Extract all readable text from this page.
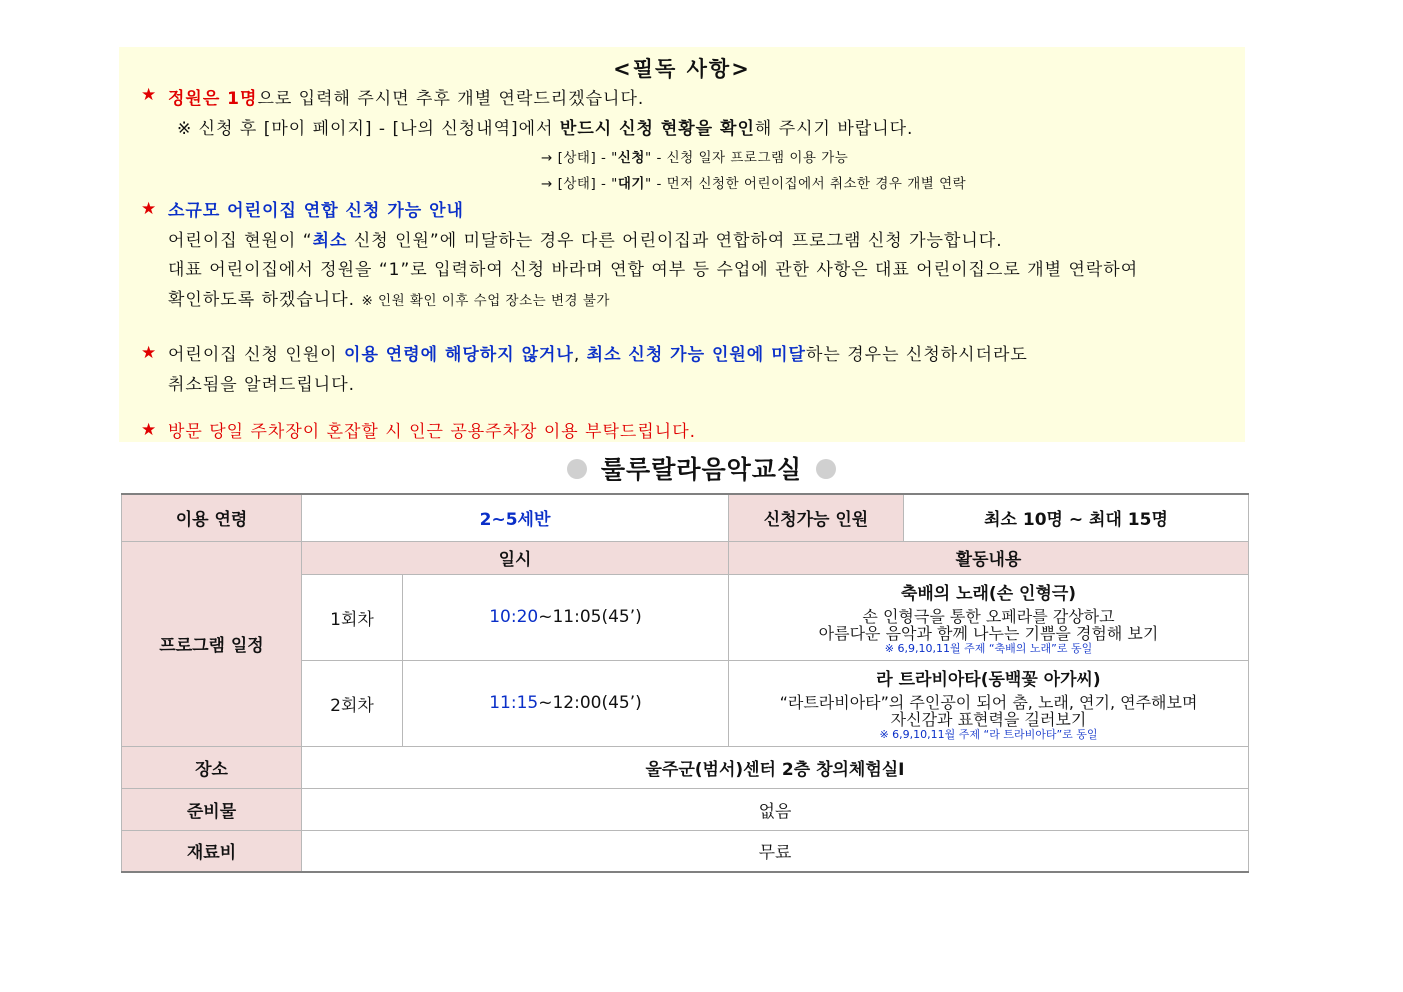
<필독 사항>
★ 정원은 1명으로 입력해 주시면 추후 개별 연락드리겠습니다.
※ 신청 후 [마이 페이지] - [나의 신청내역]에서 반드시 신청 현황을 확인해 주시기 바랍니다.
→ [상태] - "신청" - 신청 일자 프로그램 이용 가능
→ [상태] - "대기" - 먼저 신청한 어린이집에서 취소한 경우 개별 연락
★ 소규모 어린이집 연합 신청 가능 안내
어린이집 현원이 “최소 신청 인원”에 미달하는 경우 다른 어린이집과 연합하여 프로그램 신청 가능합니다.
대표 어린이집에서 정원을 “1”로 입력하여 신청 바라며 연합 여부 등 수업에 관한 사항은 대표 어린이집으로 개별 연락하여
확인하도록 하겠습니다. ※ 인원 확인 이후 수업 장소는 변경 불가
★ 어린이집 신청 인원이 이용 연령에 해당하지 않거나, 최소 신청 가능 인원에 미달하는 경우는 신청하시더라도
취소됨을 알려드립니다.
★ 방문 당일 주차장이 혼잡할 시 인근 공용주차장 이용 부탁드립니다.
룰루랄라음악교실
이용 연령	2~5세반		신청가능 인원	최소 10명 ~ 최대 15명
프로그램 일정	일시		활동내용	
	1회차	10:20~11:05(45’)	축배의 노래(손 인형극)
손 인형극을 통한 오페라를 감상하고
아름다운 음악과 함께 나누는 기쁨을 경험해 보기
※ 6,9,10,11월 주제 “축배의 노래”로 동일	

	2회차	11:15~12:00(45’)	라 트라비아타(동백꽃 아가씨)
“라트라비아타”의 주인공이 되어 춤, 노래, 연기, 연주해보며
자신감과 표현력을 길러보기
※ 6,9,10,11월 주제 “라 트라비아타”로 동일	

장소	울주군(범서)센터 2층 창의체험실Ⅰ			
준비물	없음			
재료비	무료			
